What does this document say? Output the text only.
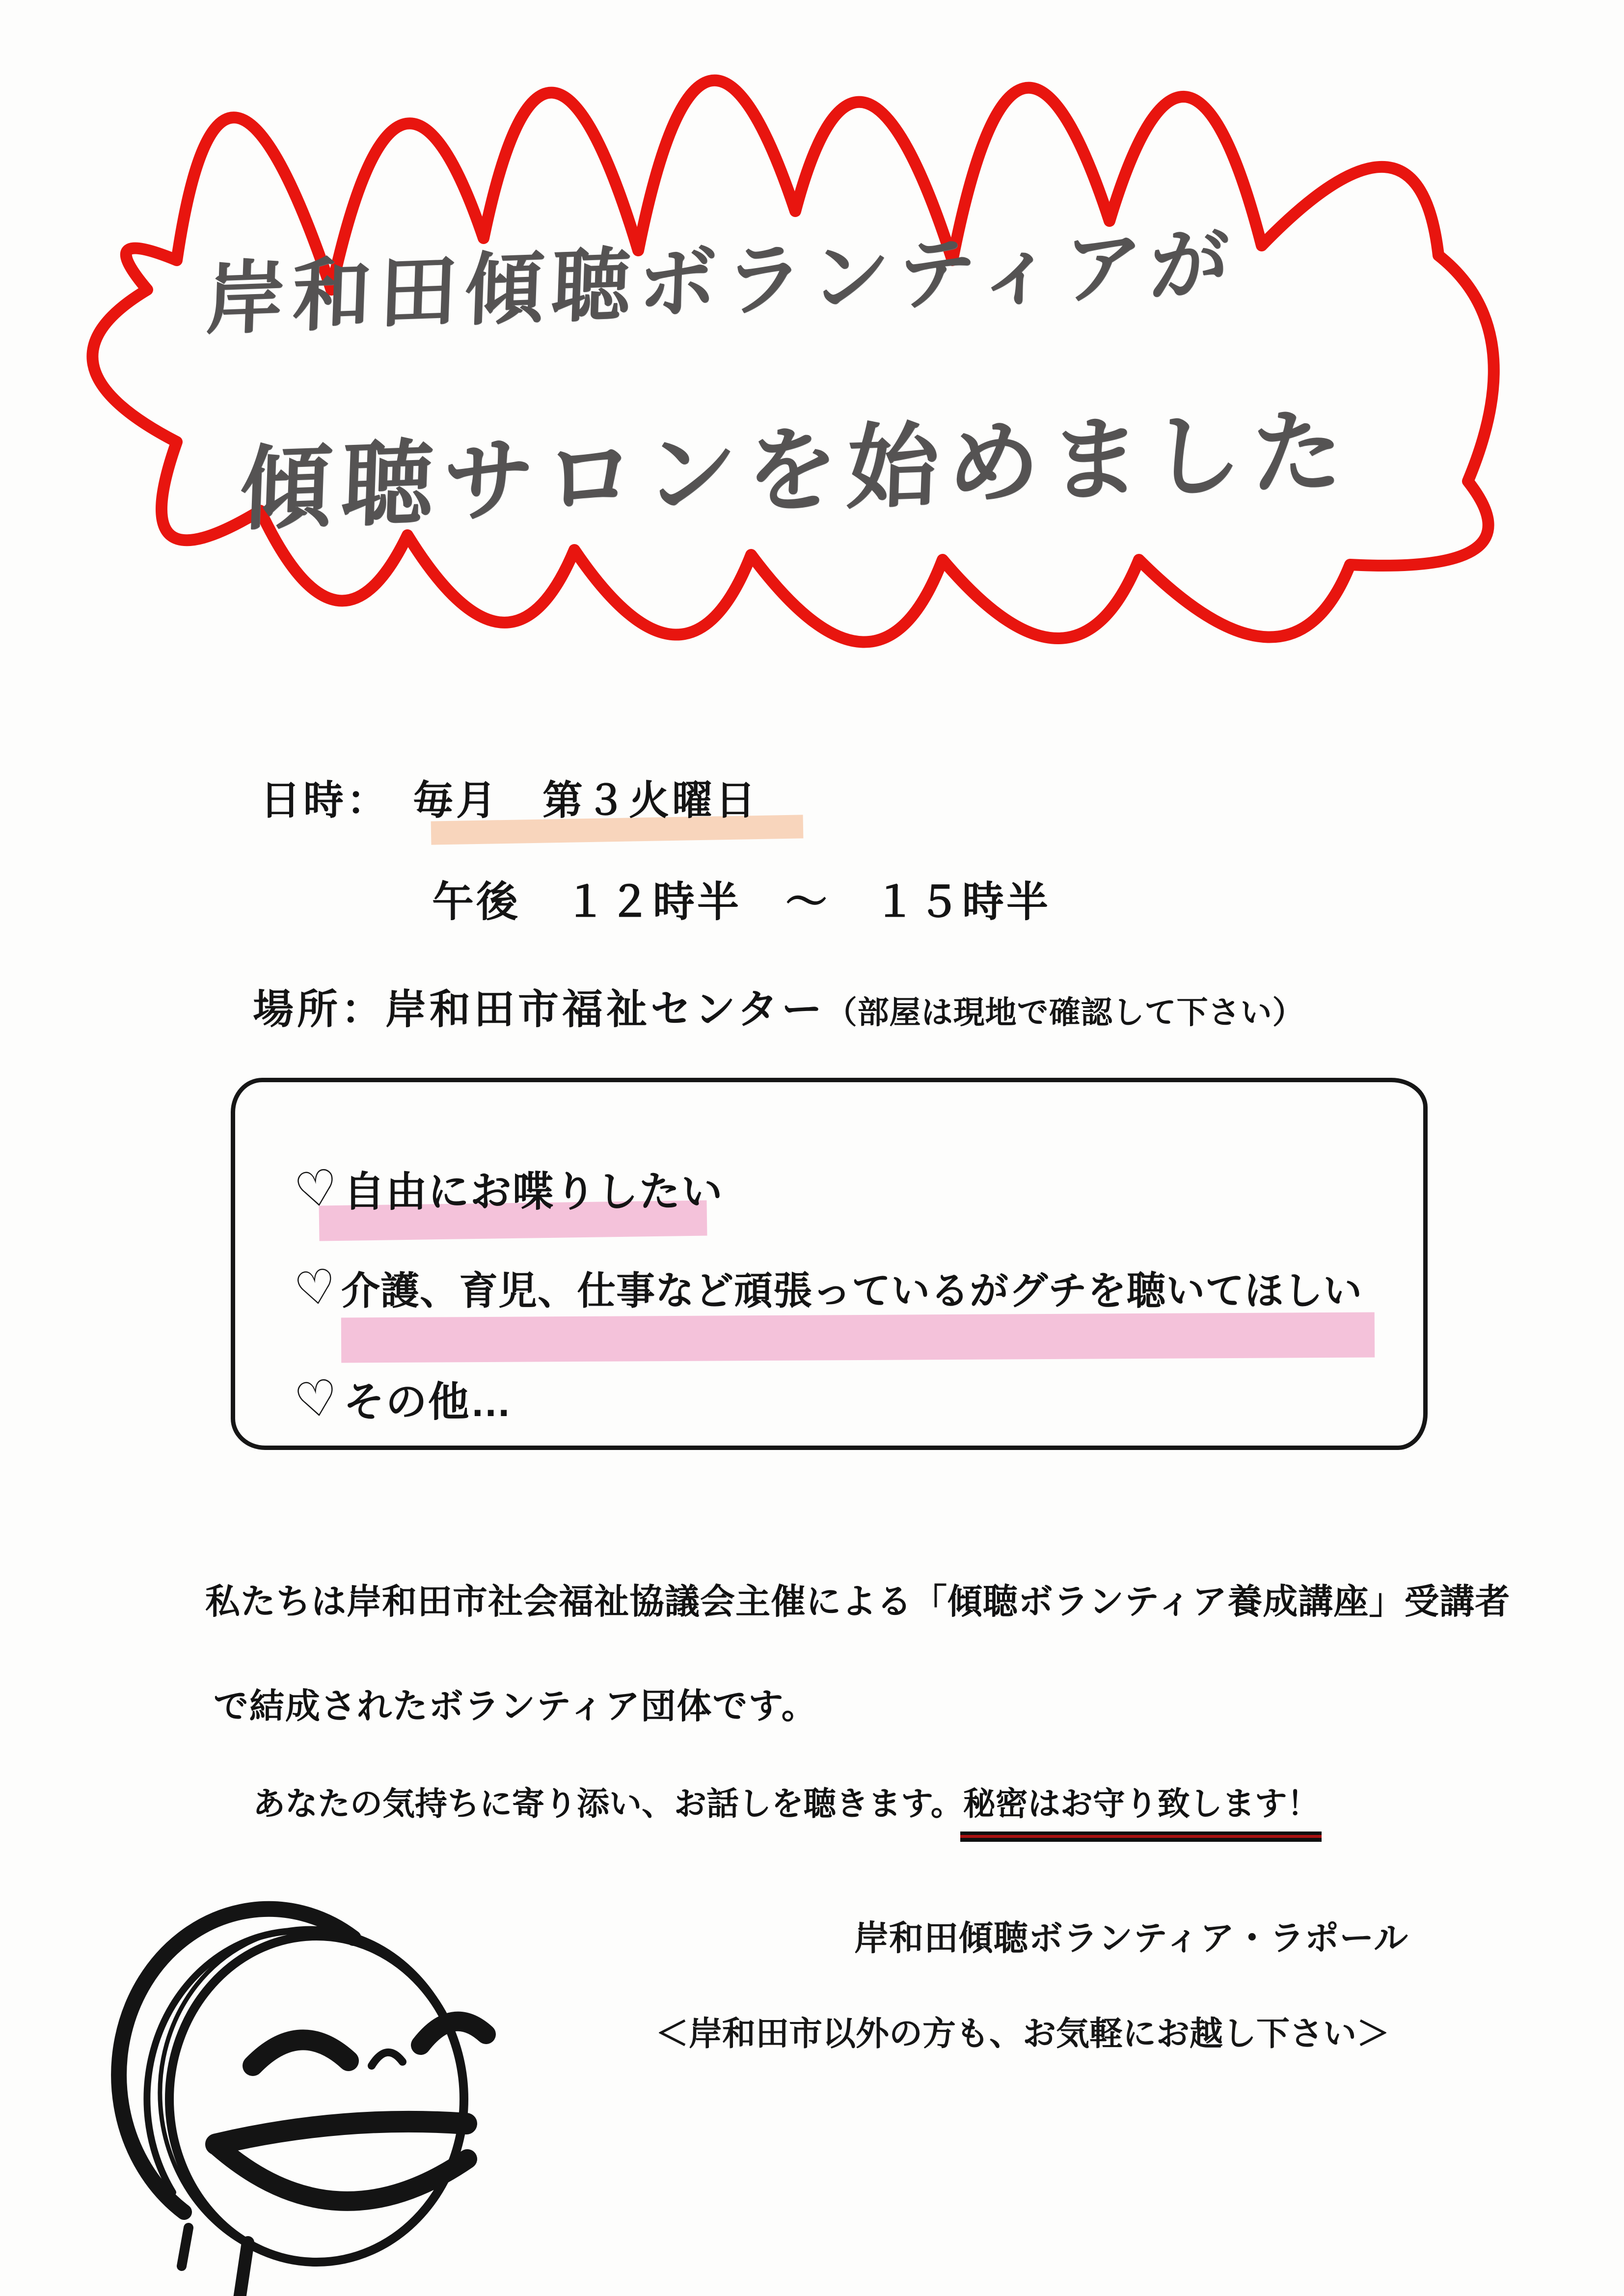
岸和田傾聴ボランティアが
傾聴サロンを始めました
日時：　毎月　第３火曜日
午後　１２時半　～　１５時半
場所：岸和田市福祉センター（部屋は現地で確認して下さい）
♡自由にお喋りしたい
♡介護、育児、仕事など頑張っているがグチを聴いてほしい
♡その他…
私たちは岸和田市社会福祉協議会主催による「傾聴ボランティア養成講座」受講者
で結成されたボランティア団体です。
あなたの気持ちに寄り添い、お話しを聴きます。秘密はお守り致します！
岸和田傾聴ボランティア・ラポール
＜岸和田市以外の方も、お気軽にお越し下さい＞
